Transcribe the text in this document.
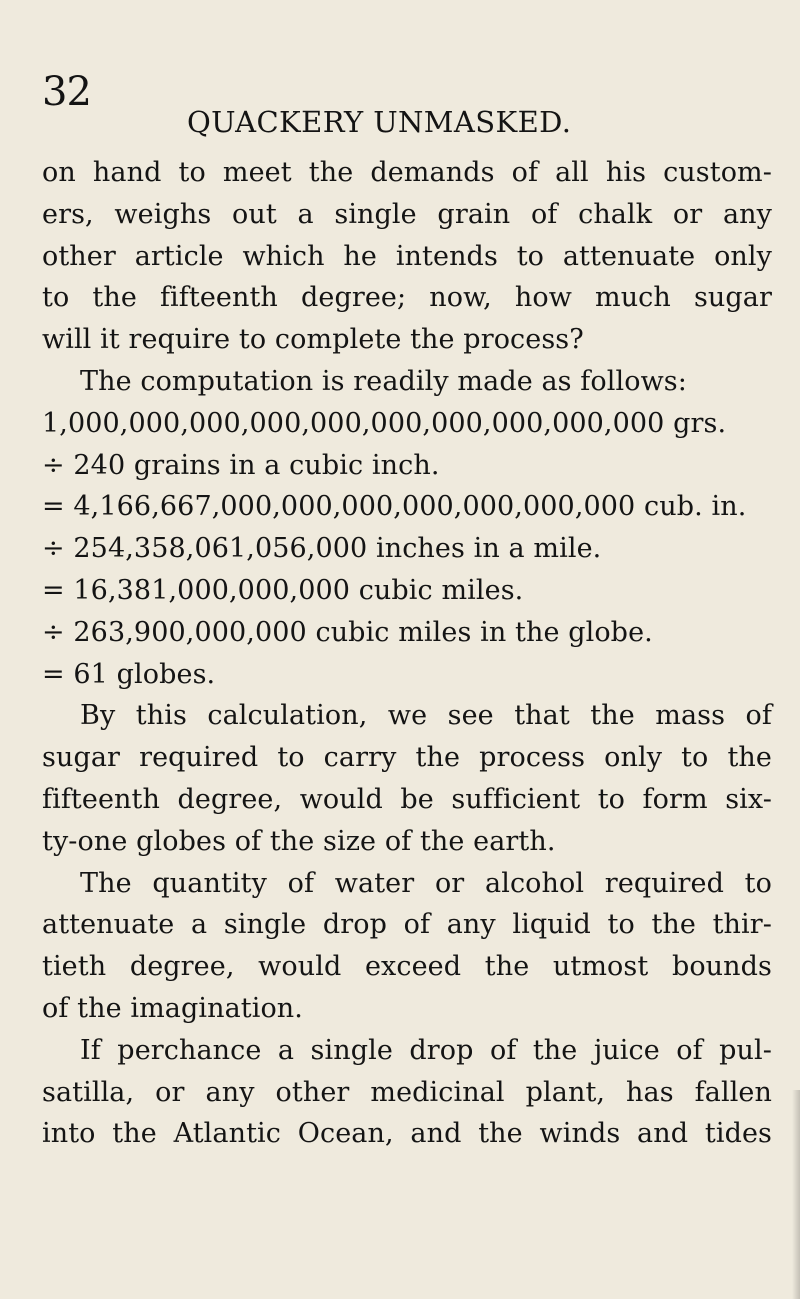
32
QUACKERY UNMASKED.
on hand to meet the demands of all his custom-
ers, weighs out a single grain of chalk or any
other article which he intends to attenuate only
to the fifteenth degree; now, how much sugar
will it require to complete the process?
The computation is readily made as follows:
1,000,000,000,000,000,000,000,000,000,000 grs.
÷ 240 grains in a cubic inch.
= 4,166,667,000,000,000,000,000,000,000 cub. in.
÷ 254,358,061,056,000 inches in a mile.
= 16,381,000,000,000 cubic miles.
÷ 263,900,000,000 cubic miles in the globe.
= 61 globes.
By this calculation, we see that the mass of
sugar required to carry the process only to the
fifteenth degree, would be sufficient to form six-
ty-one globes of the size of the earth.
The quantity of water or alcohol required to
attenuate a single drop of any liquid to the thir-
tieth degree, would exceed the utmost bounds
of the imagination.
If perchance a single drop of the juice of pul-
satilla, or any other medicinal plant, has fallen
into the Atlantic Ocean, and the winds and tides
